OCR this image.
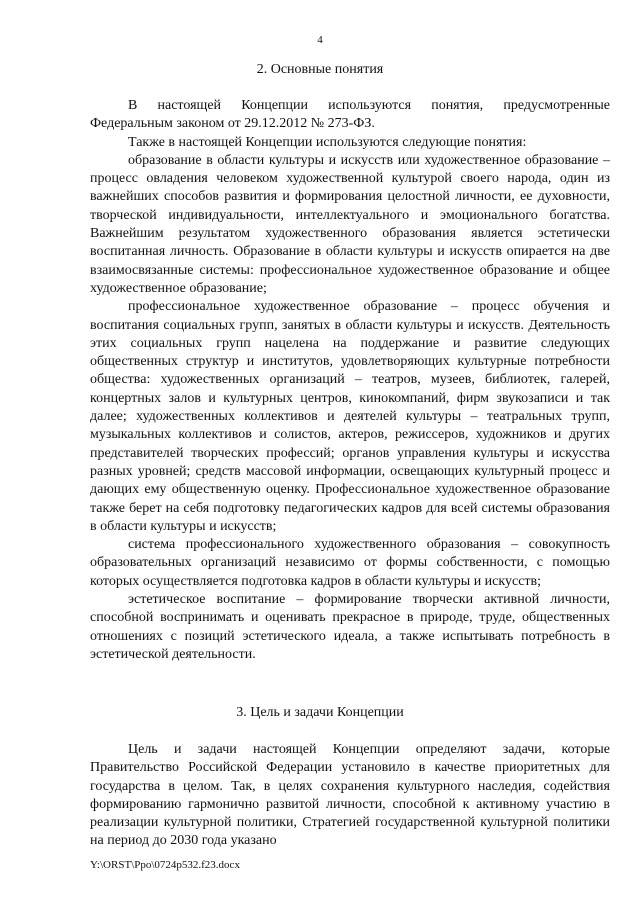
4
2. Основные понятия

В настоящей Концепции используются понятия, предусмотренные Федеральным законом от 29.12.2012 № 273-ФЗ.

Также в настоящей Концепции используются следующие понятия:

образование в области культуры и искусств или художественное образование – процесс овладения человеком художественной культурой своего народа, один из важнейших способов развития и формирования целостной личности, ее духовности, творческой индивидуальности, интеллектуального и эмоционального богатства. Важнейшим результатом художественного образования является эстетически воспитанная личность. Образование в области культуры и искусств опирается на две взаимосвязанные системы: профессиональное художественное образование и общее художественное образование;

профессиональное художественное образование – процесс обучения и воспитания социальных групп, занятых в области культуры и искусств. Деятельность этих социальных групп нацелена на поддержание и развитие следующих общественных структур и институтов, удовлетворяющих культурные потребности общества: художественных организаций – театров, музеев, библиотек, галерей, концертных залов и культурных центров, кинокомпаний, фирм звукозаписи и так далее; художественных коллективов и деятелей культуры – театральных трупп, музыкальных коллективов и солистов, актеров, режиссеров, художников и других представителей творческих профессий; органов управления культуры и искусства разных уровней; средств массовой информации, освещающих культурный процесс и дающих ему общественную оценку. Профессиональное художественное образование также берет на себя подготовку педагогических кадров для всей системы образования в области культуры и искусств;

система профессионального художественного образования – совокупность образовательных организаций независимо от формы собственности, с помощью которых осуществляется подготовка кадров в области культуры и искусств;

эстетическое воспитание – формирование творчески активной личности, способной воспринимать и оценивать прекрасное в природе, труде, общественных отношениях с позиций эстетического идеала, а также испытывать потребность в эстетической деятельности.

3. Цель и задачи Концепции

Цель и задачи настоящей Концепции определяют задачи, которые Правительство Российской Федерации установило в качестве приоритетных для государства в целом. Так, в целях сохранения культурного наследия, содействия формированию гармонично развитой личности, способной к активному участию в реализации культурной политики, Стратегией государственной культурной политики на период до 2030 года указано

Y:\ORST\Ppo\0724p532.f23.docx
